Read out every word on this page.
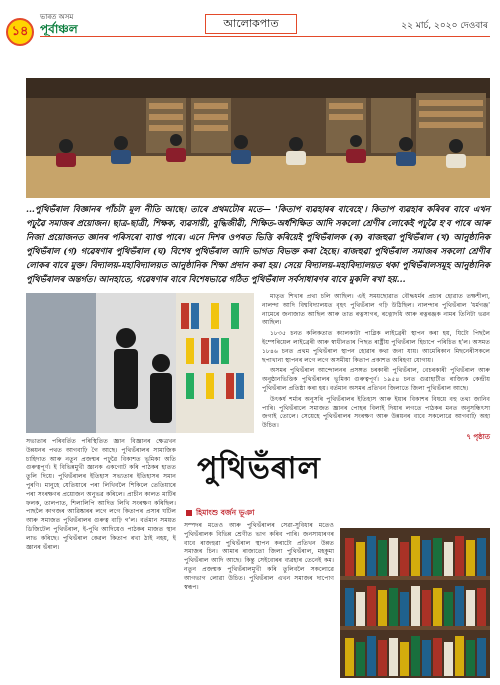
১৪
ভাৰত অসম
পূৰ্বাঞ্চল	আলোকপাত	২২ মাৰ্চ, ২০২০ দেওবাৰ
...পুথিভঁৰাল বিজ্ঞানৰ পাঁচটা মূল নীতি আছে। তাৰে প্ৰথমটোৰ মতে— 'কিতাপ ব্যৱহাৰৰ বাবেহে'। কিতাপ ব্যৱহাৰ কৰিবৰ বাবে এখন পঢ়ুৱৈ সমাজৰ প্ৰয়োজন। ছাত্ৰ-ছাত্ৰী, শিক্ষক, ব্যৱসায়ী, বুদ্ধিজীৱী, শিক্ষিত-অৰ্ধশিক্ষিত আদি সকলো শ্ৰেণীৰ লোকেই পঢ়ুৱৈ হ'ব পাৰে আৰু নিজা প্ৰয়োজনত জ্ঞানৰ পৰিসৰো ব্যাপ্ত পাৰে। এনে দিশৰ ওপৰত ভিত্তি কৰিয়েই পুথিভঁৰালক (ক) ৰাজহুৱা পুথিভঁৰাল (খ) আনুষ্ঠানিক পুথিভঁৰাল (গ) গৱেষণাৰ পুথিভঁৰাল (ঘ) বিশেষ পুথিভঁৰাল আদি ভাগত বিভক্ত কৰা হৈছে। ৰাজহুৱা পুথিভঁৰাল সমাজৰ সকলো শ্ৰেণীৰ লোকৰ বাবে মুক্ত। বিদ্যালয়-মহাবিদ্যালয়ত আনুষ্ঠানিক শিক্ষা প্ৰদান কৰা হয়। সেয়ে বিদ্যালয়-মহাবিদ্যালয়ত থকা পুথিভঁৰালসমূহ আনুষ্ঠানিক পুথিভঁৰালৰ অন্তৰ্গত। আনহাতে, গৱেষণাৰ বাবে বিশেষভাৱে গঠিত পুথিভঁৰাল সৰ্বসাধাৰণৰ বাবে মুকলি ৰখা হয়...
সভ্যতাৰ পৰিবৰ্তিত পৰিস্থিতিত জ্ঞান বিজ্ঞানৰ ক্ষেত্ৰখন উন্নয়নৰ পথত আগবাঢ়ি গৈ আছে। পুথিভঁৰালৰ সামাজিক চাহিদাত আৰু নতুন প্ৰজন্মৰ পঢ়ুৱৈ বিকাশত ভূমিকা অতি গুৰুত্বপূৰ্ণ। ই বিভিন্নমুখী জ্ঞানক একগোট কৰি পাঠকৰ হাতত তুলি দিয়ে। পুথিভঁৰালৰ ইতিহাস সভ্যতাৰ ইতিহাসৰ সমান পুৰণি। মানুহে যেতিয়াৰে পৰা লিখিবলৈ শিকিলে তেতিয়াৰে পৰা সংৰক্ষণৰ প্ৰয়োজন অনুভৱ কৰিলে। প্ৰাচীন কালত মাটিৰ ফলক, তালপাত, শিলালিপি আদিত লিখি সংৰক্ষণ কৰিছিল। পাছলৈ কাগজৰ আৱিষ্কাৰৰ লগে লগে কিতাপৰ প্ৰসাৰ ঘটিল আৰু সমাজত পুথিভঁৰালৰ গুৰুত্ব বাঢ়ি গ'ল। বৰ্তমান সময়ত ডিজিটেল পুথিভঁৰাল, ই-পুথি আদিয়েও পাঠকৰ মাজত স্থান লাভ কৰিছে। পুথিভঁৰাল কেৱল কিতাপ ৰখা ঠাই নহয়, ই জ্ঞানৰ ভঁৰাল।
পুথিভঁৰাল
হিমাংশু বৰ্জন ভূঞা
সম্পদৰ মতেও আৰু পুথিভঁৰালৰ সেৱা-সুবিধাৰ মতেও পুথিভঁৰালক বিভিন্ন শ্ৰেণীত ভাগ কৰিব পাৰি। জনসাধাৰণৰ বাবে ৰাজহুৱা পুথিভঁৰাল স্থাপন কৰাটো প্ৰতিখন উন্নত সমাজৰ চিন। আমাৰ ৰাজ্যতো জিলা পুথিভঁৰাল, মহকুমা পুথিভঁৰাল আদি আছে। কিন্তু সেইবোৰৰ ব্যৱহাৰ তেনেই কম। নতুন প্ৰজন্মক পুথিভঁৰালমুখী কৰি তুলিবলৈ সকলোৱে আগভাগ লোৱা উচিত। পুথিভঁৰাল এখন সমাজৰ দাপোণ স্বৰূপ।

মাতৃত শিখাৰ প্ৰথা চলি আছিল। এই সময়ছোৱাত বৌদ্ধধৰ্মৰ প্ৰচাৰ হোৱাত তক্ষশীলা, নালন্দা আদি বিশ্ববিদ্যালয়ত বৃহৎ পুথিভঁৰাল গঢ়ি উঠিছিল। নালন্দাৰ পুথিভঁৰাল 'ধৰ্মগঞ্জ' নামেৰে জনাজাত আছিল আৰু তাত ৰত্নসাগৰ, ৰত্নোদধি আৰু ৰত্নৰঞ্জক নামৰ তিনিটা ভৱন আছিল।

১৮৩৫ চনত কলিকতাত ক্যালকাটা পাব্লিক লাইব্ৰেৰী স্থাপন কৰা হয়, যিটো পিছলৈ ইম্পেৰিয়েল লাইব্ৰেৰী আৰু স্বাধীনতাৰ পিছত ৰাষ্ট্ৰীয় পুথিভঁৰাল হিচাপে পৰিচিত হ'ল। অসমত ১৮৪৬ চনত প্ৰথম পুথিভঁৰাল স্থাপন হোৱাৰ কথা জনা যায়। আমেৰিকান মিছনেৰীসকলে ছপাখানা স্থাপনৰ লগে লগে অসমীয়া কিতাপ প্ৰকাশত অৰিহণা যোগায়।

অসমৰ পুথিভঁৰাল আন্দোলনৰ প্ৰসঙ্গত চৰকাৰী পুথিভঁৰাল, বেচৰকাৰী পুথিভঁৰাল আৰু অনুষ্ঠানভিত্তিক পুথিভঁৰালৰ ভূমিকা গুৰুত্বপূৰ্ণ। ১৯৫৪ চনত গুৱাহাটীত ৰাজ্যিক কেন্দ্ৰীয় পুথিভঁৰাল প্ৰতিষ্ঠা কৰা হয়। বৰ্তমান অসমৰ প্ৰতিখন জিলাতে জিলা পুথিভঁৰাল আছে।

উৎকৰ্ষ শৰ্মাৰ অনুসৰি পুথিভঁৰালৰ ইতিহাস আৰু ইয়াৰ বিকাশৰ বিষয়ে বহু তথ্য জানিব পাৰি। পুথিভঁৰালে সমাজত জ্ঞানৰ পোহৰ বিলাই দিয়াৰ লগতে পাঠকৰ মনত অনুসন্ধিৎসা জগাই তোলে। সেয়েহে পুথিভঁৰালৰ সংৰক্ষণ আৰু উন্নয়নৰ বাবে সকলোৱে আগবাঢ়ি অহা উচিত।

৭ পৃষ্ঠাত
